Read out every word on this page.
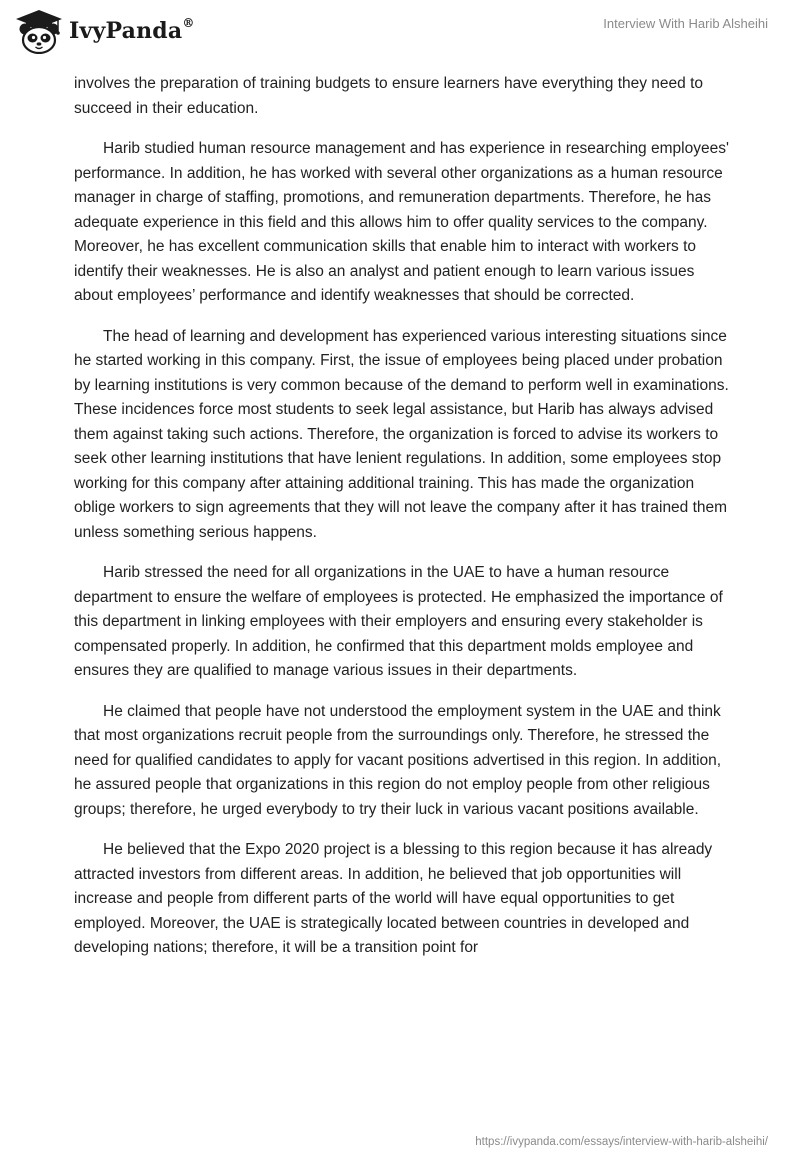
IvyPanda®	Interview With Harib Alsheihi

involves the preparation of training budgets to ensure learners have everything they need to succeed in their education.

Harib studied human resource management and has experience in researching employees' performance. In addition, he has worked with several other organizations as a human resource manager in charge of staffing, promotions, and remuneration departments. Therefore, he has adequate experience in this field and this allows him to offer quality services to the company. Moreover, he has excellent communication skills that enable him to interact with workers to identify their weaknesses. He is also an analyst and patient enough to learn various issues about employees’ performance and identify weaknesses that should be corrected.

The head of learning and development has experienced various interesting situations since he started working in this company. First, the issue of employees being placed under probation by learning institutions is very common because of the demand to perform well in examinations. These incidences force most students to seek legal assistance, but Harib has always advised them against taking such actions. Therefore, the organization is forced to advise its workers to seek other learning institutions that have lenient regulations. In addition, some employees stop working for this company after attaining additional training. This has made the organization oblige workers to sign agreements that they will not leave the company after it has trained them unless something serious happens.

Harib stressed the need for all organizations in the UAE to have a human resource department to ensure the welfare of employees is protected. He emphasized the importance of this department in linking employees with their employers and ensuring every stakeholder is compensated properly. In addition, he confirmed that this department molds employee and ensures they are qualified to manage various issues in their departments.

He claimed that people have not understood the employment system in the UAE and think that most organizations recruit people from the surroundings only. Therefore, he stressed the need for qualified candidates to apply for vacant positions advertised in this region. In addition, he assured people that organizations in this region do not employ people from other religious groups; therefore, he urged everybody to try their luck in various vacant positions available.

He believed that the Expo 2020 project is a blessing to this region because it has already attracted investors from different areas. In addition, he believed that job opportunities will increase and people from different parts of the world will have equal opportunities to get employed. Moreover, the UAE is strategically located between countries in developed and developing nations; therefore, it will be a transition point for

https://ivypanda.com/essays/interview-with-harib-alsheihi/
